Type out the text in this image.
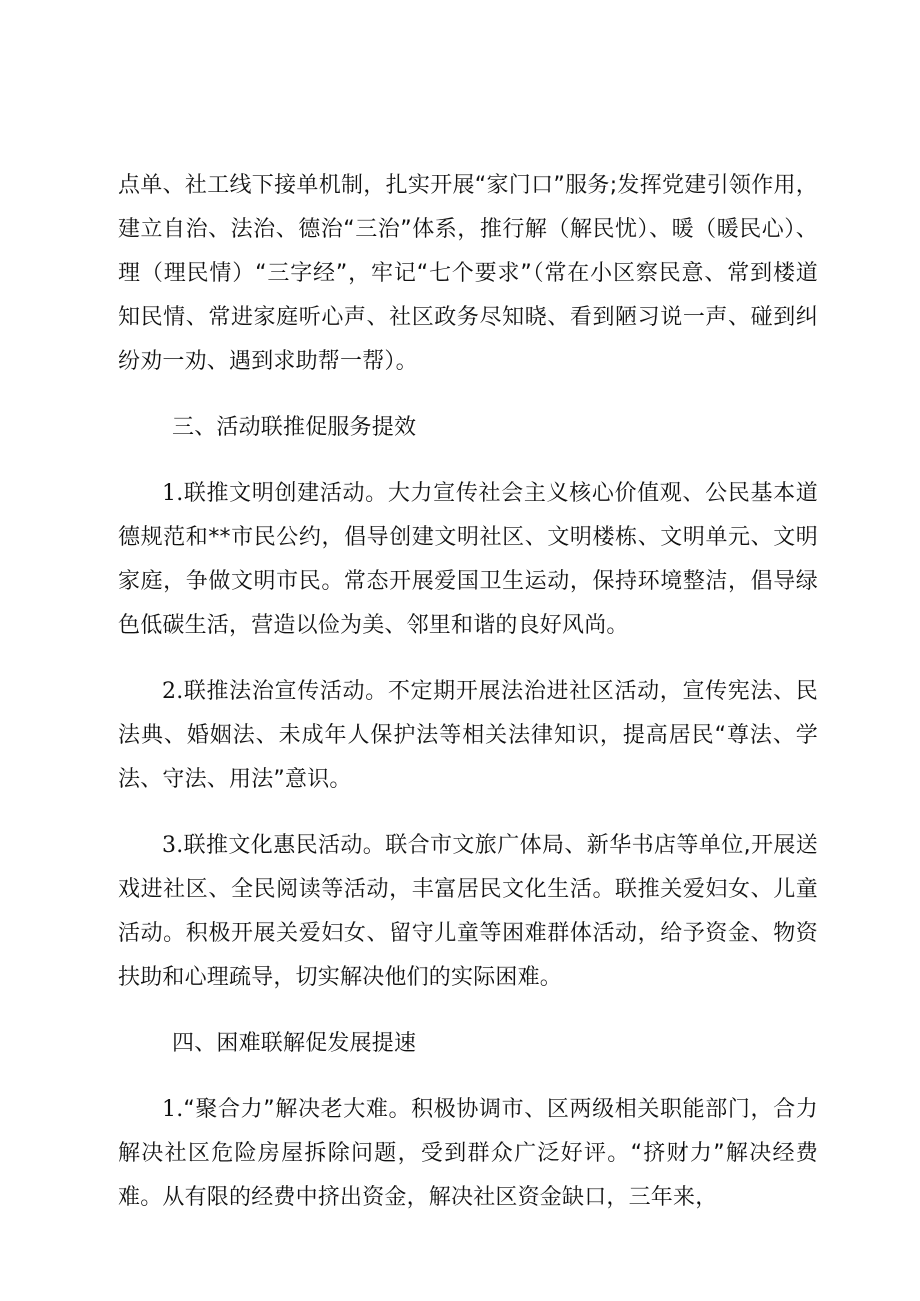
点单、社工线下接单机制，扎实开展“家门口”服务;发挥党建引领作用，建立自治、法治、德治“三治”体系，推行解（解民忧）、暖（暖民心）、理（理民情）“三字经”，牢记“七个要求”（常在小区察民意、常到楼道知民情、常进家庭听心声、社区政务尽知晓、看到陋习说一声、碰到纠纷劝一劝、遇到求助帮一帮）。

三、活动联推促服务提效

1.联推文明创建活动。大力宣传社会主义核心价值观、公民基本道德规范和**市民公约，倡导创建文明社区、文明楼栋、文明单元、文明家庭，争做文明市民。常态开展爱国卫生运动，保持环境整洁，倡导绿色低碳生活，营造以俭为美、邻里和谐的良好风尚。

2.联推法治宣传活动。不定期开展法治进社区活动，宣传宪法、民法典、婚姻法、未成年人保护法等相关法律知识，提高居民“尊法、学法、守法、用法”意识。

3.联推文化惠民活动。联合市文旅广体局、新华书店等单位,开展送戏进社区、全民阅读等活动，丰富居民文化生活。联推关爱妇女、儿童活动。积极开展关爱妇女、留守儿童等困难群体活动，给予资金、物资扶助和心理疏导，切实解决他们的实际困难。

四、困难联解促发展提速

1.“聚合力”解决老大难。积极协调市、区两级相关职能部门，合力解决社区危险房屋拆除问题，受到群众广泛好评。“挤财力”解决经费难。从有限的经费中挤出资金，解决社区资金缺口，三年来，
